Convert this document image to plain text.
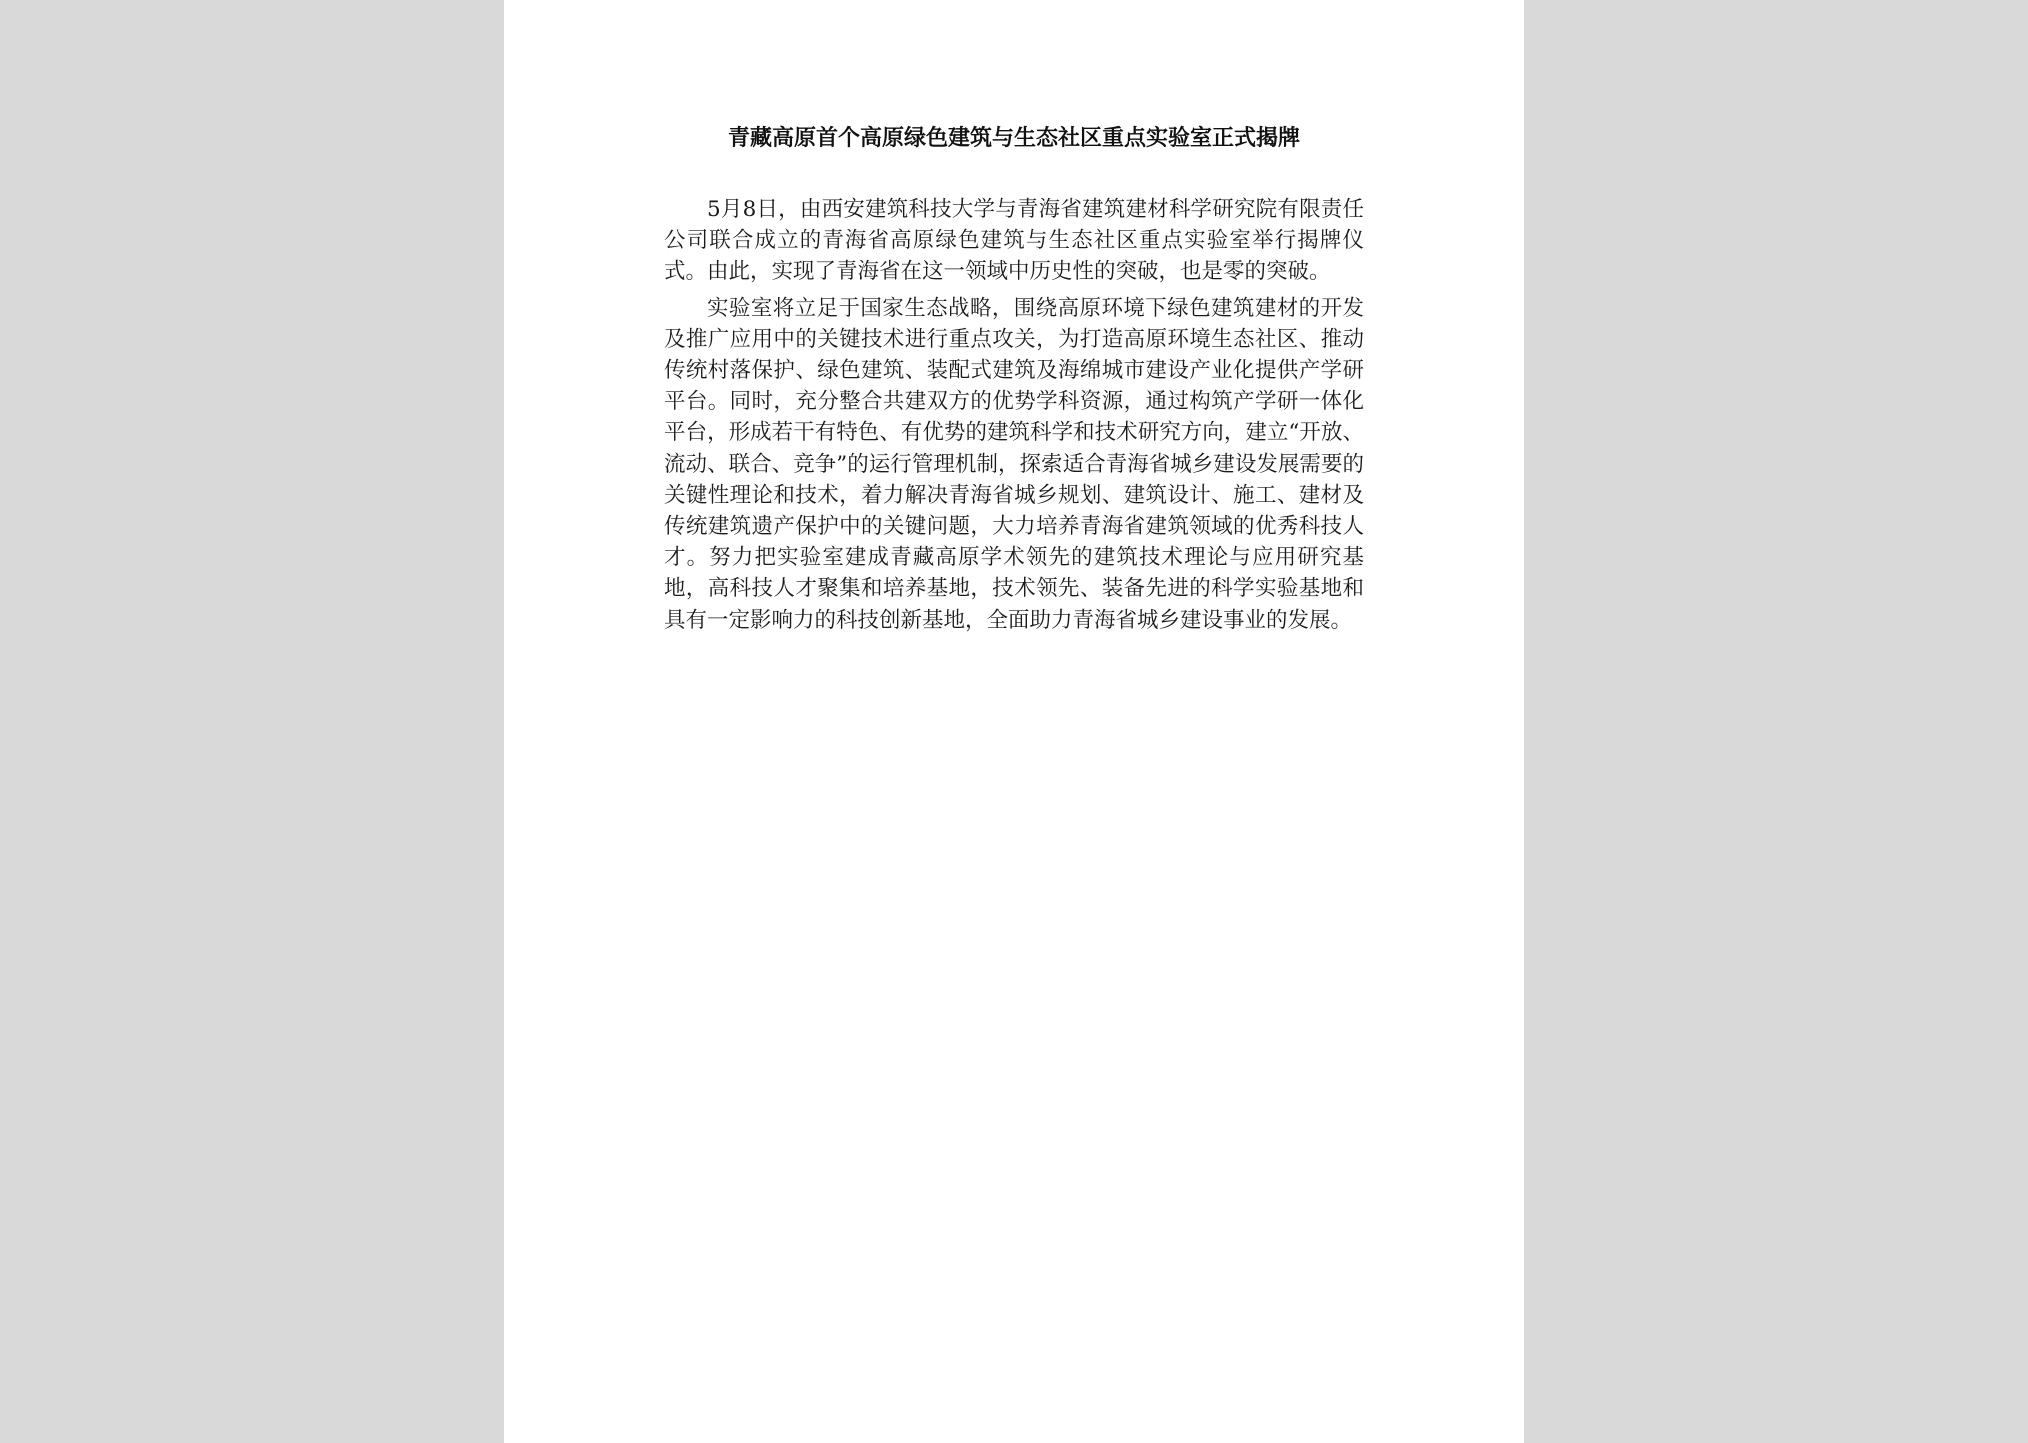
青藏高原首个高原绿色建筑与生态社区重点实验室正式揭牌

5月8日，由西安建筑科技大学与青海省建筑建材科学研究院有限责任公司联合成立的青海省高原绿色建筑与生态社区重点实验室举行揭牌仪式。由此，实现了青海省在这一领域中历史性的突破，也是零的突破。

实验室将立足于国家生态战略，围绕高原环境下绿色建筑建材的开发及推广应用中的关键技术进行重点攻关，为打造高原环境生态社区、推动传统村落保护、绿色建筑、装配式建筑及海绵城市建设产业化提供产学研平台。同时，充分整合共建双方的优势学科资源，通过构筑产学研一体化平台，形成若干有特色、有优势的建筑科学和技术研究方向，建立“开放、流动、联合、竞争”的运行管理机制，探索适合青海省城乡建设发展需要的关键性理论和技术，着力解决青海省城乡规划、建筑设计、施工、建材及传统建筑遗产保护中的关键问题，大力培养青海省建筑领域的优秀科技人才。努力把实验室建成青藏高原学术领先的建筑技术理论与应用研究基地，高科技人才聚集和培养基地，技术领先、装备先进的科学实验基地和具有一定影响力的科技创新基地，全面助力青海省城乡建设事业的发展。
